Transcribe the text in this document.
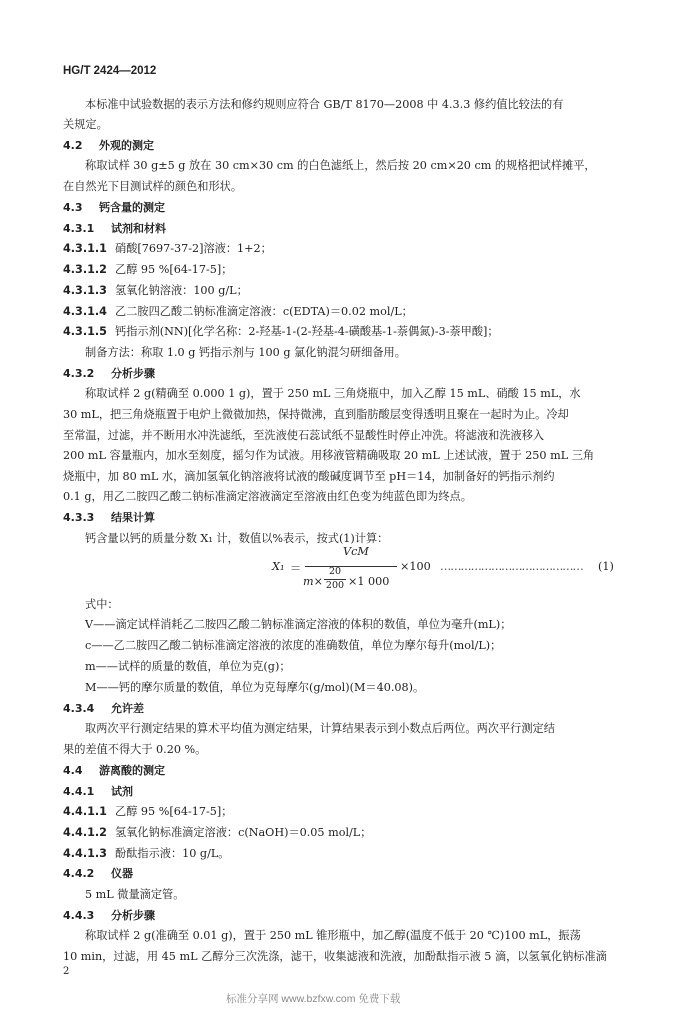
HG/T 2424—2012
本标准中试验数据的表示方法和修约规则应符合 GB/T 8170—2008 中 4.3.3 修约值比较法的有
关规定。
4.2 外观的测定
称取试样 30 g±5 g 放在 30 cm×30 cm 的白色滤纸上，然后按 20 cm×20 cm 的规格把试样摊平，
在自然光下目测试样的颜色和形状。
4.3 钙含量的测定
4.3.1 试剂和材料
4.3.1.1 硝酸[7697-37-2]溶液：1+2；
4.3.1.2 乙醇 95 %[64-17-5]；
4.3.1.3 氢氧化钠溶液：100 g/L；
4.3.1.4 乙二胺四乙酸二钠标准滴定溶液：c(EDTA)＝0.02 mol/L；
4.3.1.5 钙指示剂(NN)[化学名称：2-羟基-1-(2-羟基-4-磺酸基-1-萘偶氮)-3-萘甲酸]；
制备方法：称取 1.0 g 钙指示剂与 100 g 氯化钠混匀研细备用。
4.3.2 分析步骤
称取试样 2 g(精确至 0.000 1 g)，置于 250 mL 三角烧瓶中，加入乙醇 15 mL、硝酸 15 mL，水
30 mL，把三角烧瓶置于电炉上微微加热，保持微沸，直到脂肪酸层变得透明且聚在一起时为止。冷却
至常温，过滤，并不断用水冲洗滤纸，至洗液使石蕊试纸不显酸性时停止冲洗。将滤液和洗液移入
200 mL 容量瓶内，加水至刻度，摇匀作为试液。用移液管精确吸取 20 mL 上述试液，置于 250 mL 三角
烧瓶中，加 80 mL 水，滴加氢氧化钠溶液将试液的酸碱度调节至 pH＝14，加制备好的钙指示剂约
0.1 g，用乙二胺四乙酸二钠标准滴定溶液滴定至溶液由红色变为纯蓝色即为终点。
4.3.3 结果计算
钙含量以钙的质量分数 X₁ 计，数值以%表示，按式(1)计算：
X₁ ＝
VcM
m×
20
200 ×1 000
×100 …………………………………… (1)
式中：
V——滴定试样消耗乙二胺四乙酸二钠标准滴定溶液的体积的数值，单位为毫升(mL)；
c——乙二胺四乙酸二钠标准滴定溶液的浓度的准确数值，单位为摩尔每升(mol/L)；
m——试样的质量的数值，单位为克(g)；
M——钙的摩尔质量的数值，单位为克每摩尔(g/mol)(M＝40.08)。
4.3.4 允许差
取两次平行测定结果的算术平均值为测定结果，计算结果表示到小数点后两位。两次平行测定结
果的差值不得大于 0.20 %。
4.4 游离酸的测定
4.4.1 试剂
4.4.1.1 乙醇 95 %[64-17-5]；
4.4.1.2 氢氧化钠标准滴定溶液：c(NaOH)＝0.05 mol/L；
4.4.1.3 酚酞指示液：10 g/L。
4.4.2 仪器
5 mL 微量滴定管。
4.4.3 分析步骤
称取试样 2 g(准确至 0.01 g)，置于 250 mL 锥形瓶中，加乙醇(温度不低于 20 ℃)100 mL，振荡
10 min，过滤，用 45 mL 乙醇分三次洗涤，滤干，收集滤液和洗液，加酚酞指示液 5 滴，以氢氧化钠标准滴
2
标准分享网 www.bzfxw.com 免费下载
